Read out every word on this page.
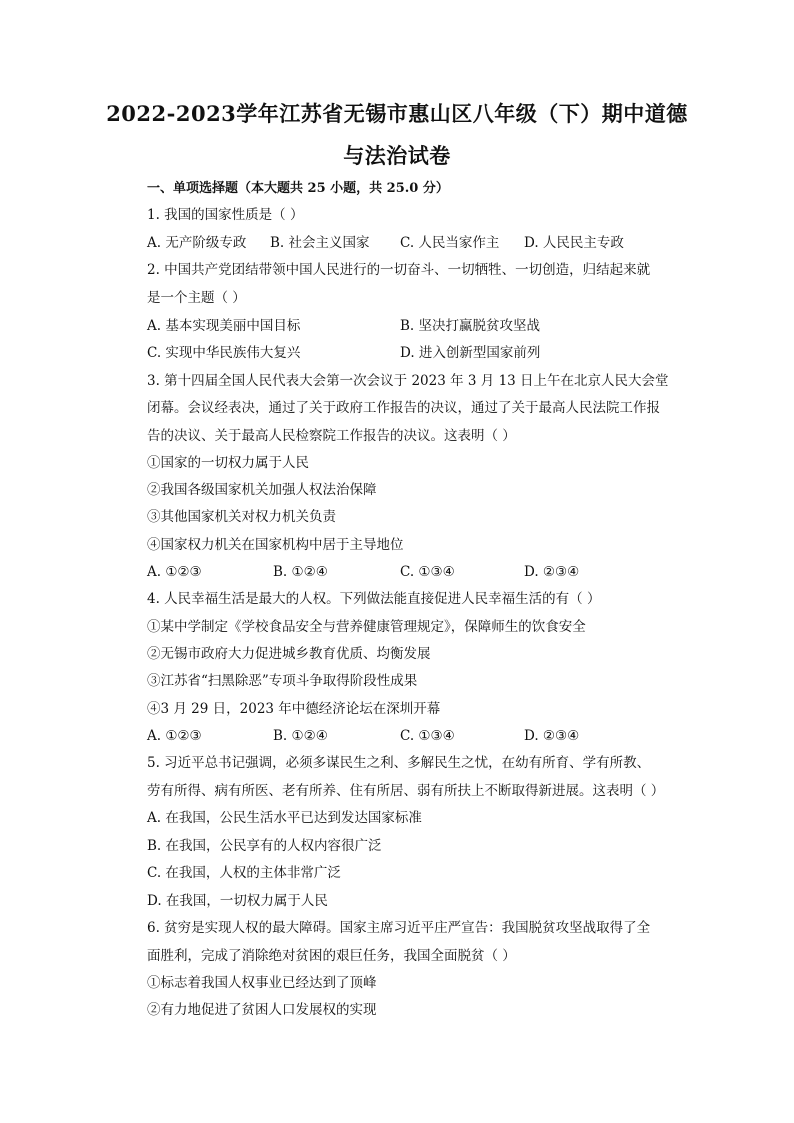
2022-2023学年江苏省无锡市惠山区八年级（下）期中道德
与法治试卷
一、单项选择题（本大题共 25 小题，共 25.0 分）
1. 我国的国家性质是（ ）
A. 无产阶级专政 B. 社会主义国家 C. 人民当家作主 D. 人民民主专政
2. 中国共产党团结带领中国人民进行的一切奋斗、一切牺牲、一切创造，归结起来就
是一个主题（ ）
A. 基本实现美丽中国目标	B. 坚决打赢脱贫攻坚战
C. 实现中华民族伟大复兴	D. 进入创新型国家前列
3. 第十四届全国人民代表大会第一次会议于 2023 年 3 月 13 日上午在北京人民大会堂
闭幕。会议经表决，通过了关于政府工作报告的决议，通过了关于最高人民法院工作报
告的决议、关于最高人民检察院工作报告的决议。这表明（ ）
①国家的一切权力属于人民
②我国各级国家机关加强人权法治保障
③其他国家机关对权力机关负责
④国家权力机关在国家机构中居于主导地位
A. ①②③	B. ①②④	C. ①③④	D. ②③④
4. 人民幸福生活是最大的人权。下列做法能直接促进人民幸福生活的有（ ）
①某中学制定《学校食品安全与营养健康管理规定》，保障师生的饮食安全
②无锡市政府大力促进城乡教育优质、均衡发展
③江苏省“扫黑除恶”专项斗争取得阶段性成果
④3 月 29 日，2023 年中德经济论坛在深圳开幕
A. ①②③	B. ①②④	C. ①③④	D. ②③④
5. 习近平总书记强调，必须多谋民生之利、多解民生之忧，在幼有所育、学有所教、
劳有所得、病有所医、老有所养、住有所居、弱有所扶上不断取得新进展。这表明（ ）
A. 在我国，公民生活水平已达到发达国家标准
B. 在我国，公民享有的人权内容很广泛
C. 在我国，人权的主体非常广泛
D. 在我国，一切权力属于人民
6. 贫穷是实现人权的最大障碍。国家主席习近平庄严宣告：我国脱贫攻坚战取得了全
面胜利，完成了消除绝对贫困的艰巨任务，我国全面脱贫（ ）
①标志着我国人权事业已经达到了顶峰
②有力地促进了贫困人口发展权的实现
